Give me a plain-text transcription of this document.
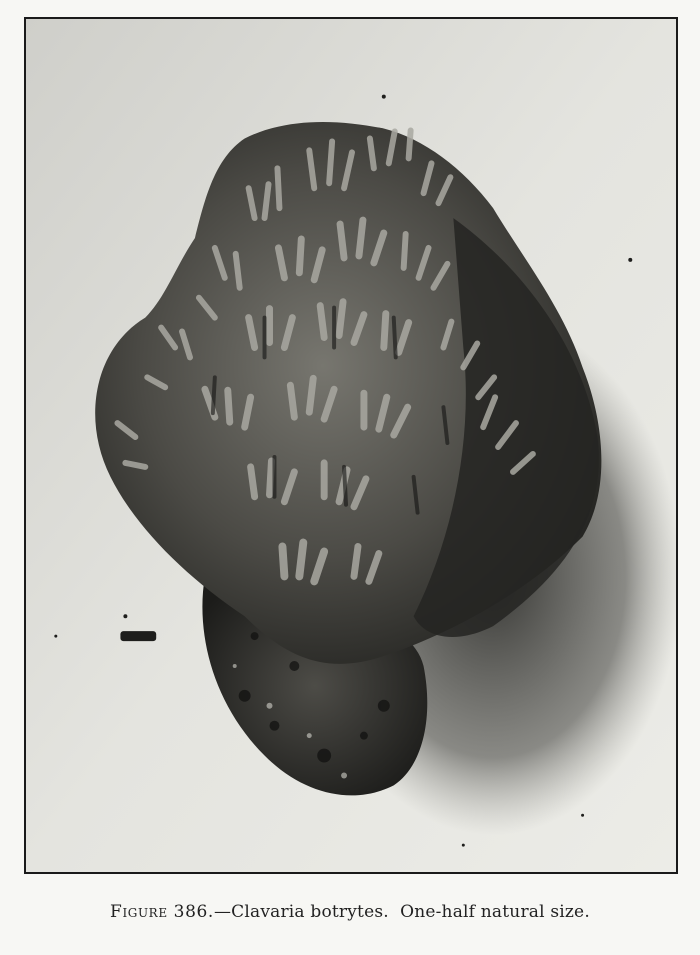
Figure 386.—Clavaria botrytes.  One-half natural size.
